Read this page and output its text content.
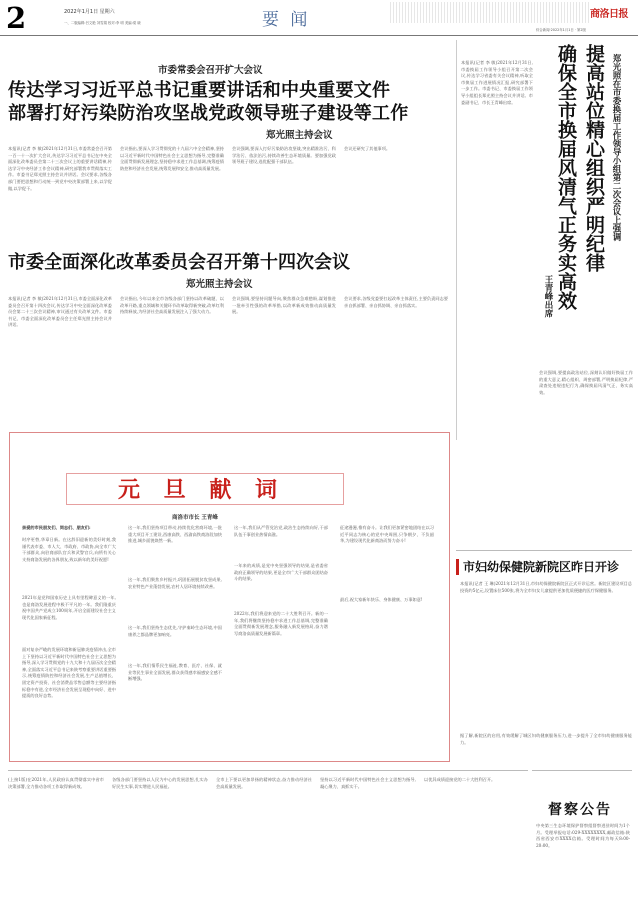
2	2022年1月1日 星期六
一、二版编辑:吕文艳 刘雪娟 校对:李 明 美编:梁 晓	要 闻	商洛日报
综合新闻·2022年1月1日 · 第2版
市委常委会召开扩大会议
传达学习习近平总书记重要讲话和中央重要文件
部署打好污染防治攻坚战党政领导班子建设等工作
郑光照主持会议
本报讯(记者 李 敏)2021年12月31日,市委常委会召开第一百一十一次扩大会议,传达学习习近平总书记在中央全面深化改革委员会第二十三次会议上的重要讲话精神,传达学习中央经济工作会议精神,研究部署我市贯彻落实工作。市委书记郑光照主持会议并讲话。会议要求,各级各部门要把思想和行动统一到党中央决策部署上来,以学促做,以学促干。
会议指出,要深入学习贯彻党的十九届六中全会精神,坚持以习近平新时代中国特色社会主义思想为指导,完整准确全面贯彻新发展理念,坚持稳中求进工作总基调,统筹疫情防控和经济社会发展,统筹发展和安全,推动高质量发展。
会议强调,要深入打好污染防治攻坚战,突出精准治污、科学治污、依法治污,持续改善生态环境质量。要加强党政领导班子建设,选优配强干部队伍。
会议还研究了其他事项。
市委全面深化改革委员会召开第十四次会议
郑光照主持会议
本报讯(记者 李 敏)2021年12月31日,市委全面深化改革委员会召开第十四次会议,传达学习中央全面深化改革委员会第二十三次会议精神,审议通过有关改革文件。市委书记、市委全面深化改革委员会主任郑光照主持会议并讲话。
会议指出,今年以来全市各级各部门坚持以改革破题、以改革开路,重点领域和关键环节改革取得新突破,改革红利持续释放,为经济社会高质量发展注入了强大动力。
会议强调,要坚持问题导向,聚焦群众急难愁盼,谋划推进一批牵引性强的改革举措,以改革新成效推动高质量发展。
会议要求,各级党委要扛起改革主体责任,主要负责同志要亲自抓部署、亲自抓协调、亲自抓落实。
元 旦 献 词
商洛市市长 王青峰
亲爱的市民朋友们、同志们、朋友们:
时序更替,华章日新。在这辞旧迎新的美好时刻,我谨代表市委、市人大、市政府、市政协,向全市广大干部群众,向驻商部队官兵和武警官兵,向所有关心支持商洛发展的各界朋友,致以新年的美好祝愿!
2021年是党和国家历史上具有里程碑意义的一年,也是商洛发展进程中极不平凡的一年。我们隆重庆祝中国共产党成立100周年,开启全面建设社会主义现代化国家新征程。
面对复杂严峻的发展环境和新冠肺炎疫情冲击,全市上下坚持以习近平新时代中国特色社会主义思想为指导,深入学习贯彻党的十九大和十九届历次全会精神,全面落实习近平总书记来陕考察重要讲话重要指示,统筹疫情防控和经济社会发展,生产总值增长、固定资产投资、社会消费品零售总额等主要经济指标稳中有进,全市经济社会发展呈现稳中向好、进中提质的良好态势。
这一年,我们坚持项目带动,持续优化营商环境,一批重大项目开工建设,西康高铁、西渝高铁商洛段加快推进,城乡面貌焕然一新。
这一年,我们聚焦乡村振兴,巩固拓展脱贫攻坚成果,农业特色产业蓬勃发展,农村人居环境持续改善。
这一年,我们坚持生态优先,守护秦岭生态环境,中国康养之都品牌更加响亮。
这一年,我们情系民生福祉,教育、医疗、社保、就业等民生事业全面发展,群众获得感幸福感安全感不断增强。
这一年,我们从严管党治党,政治生态持续向好,干部队伍干事创业热情高涨。
一年来的成绩,是党中央坚强领导的结果,是省委省政府正确领导的结果,更是全市广大干部群众团结奋斗的结果。
2022年,我们将迎来党的二十大胜利召开。新的一年,我们将继续坚持稳中求进工作总基调,完整准确全面贯彻新发展理念,服务融入新发展格局,奋力谱写商洛高质量发展新篇章。
征途漫漫,惟有奋斗。让我们更加紧密地团结在以习近平同志为核心的党中央周围,只争朝夕、不负韶华,为建设现代化新商洛而努力奋斗!
最后,祝大家新年快乐、身体健康、万事如意!
提高站位精心组织严明纪律
确保全市换届风清气正务实高效	郑光照在市委换届工作领导小组第二次会议上强调
王青峰出席
本报讯(记者 李 敏)2021年12月31日,市委换届工作领导小组召开第二次会议,传达学习省委有关会议精神,听取全市换届工作进展情况汇报,研究部署下一步工作。市委书记、市委换届工作领导小组组长郑光照主持会议并讲话。市委副书记、市长王青峰出席。
会议强调,要提高政治站位,深刻认识做好换届工作的重大意义,精心组织、周密部署,严明换届纪律,严肃查处违规违纪行为,确保换届风清气正、务实高效。
市妇幼保健院新院区昨日开诊
本报讯(记者 王 琳)2021年12月31日,市妇幼保健院新院区正式开诊运营。新院区建设项目总投资约5亿元,设置床位500张,将为全市妇女儿童提供更加优质便捷的医疗保健服务。
据了解,新院区的启用,有效缓解了城区妇幼健康服务压力,进一步提升了全市妇幼健康服务能力。
(上接1版)在2021年,人民政府认真贯彻落实中省市决策部署,全力推动各项工作取得新成效。
各级各部门要坚持以人民为中心的发展思想,扎实办好民生实事,切实增进人民福祉。
全市上下要以更加昂扬的精神状态,奋力推动经济社会高质量发展。
坚持以习近平新时代中国特色社会主义思想为指导,凝心聚力、真抓实干。
以优异成绩迎接党的二十大胜利召开。
督察公告
中央第三生态环境保护督察组督察进驻时间为1个月。受理举报电话:029-XXXXXXXX,邮政信箱:陕西省西安市XXXX信箱。受理时间为每天8:00-20:00。
